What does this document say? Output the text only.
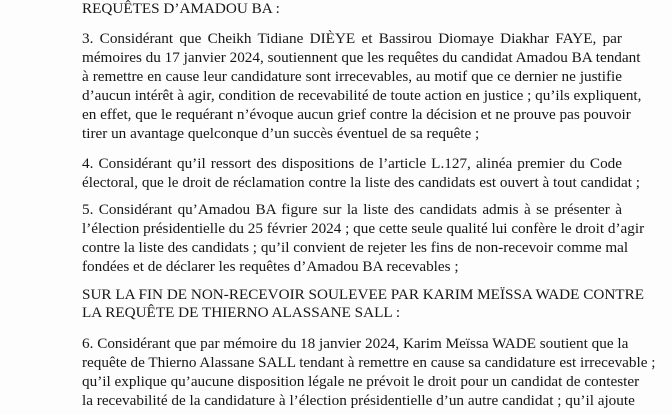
REQUÊTES D’AMADOU BA :
3. Considérant que Cheikh Tidiane DIÈYE et Bassirou Diomaye Diakhar FAYE, par
mémoires du 17 janvier 2024, soutiennent que les requêtes du candidat Amadou BA tendant
à remettre en cause leur candidature sont irrecevables, au motif que ce dernier ne justifie
d’aucun intérêt à agir, condition de recevabilité de toute action en justice ; qu’ils expliquent,
en effet, que le requérant n’évoque aucun grief contre la décision et ne prouve pas pouvoir
tirer un avantage quelconque d’un succès éventuel de sa requête ;
4. Considérant qu’il ressort des dispositions de l’article L.127, alinéa premier du Code
électoral, que le droit de réclamation contre la liste des candidats est ouvert à tout candidat ;
5. Considérant qu’Amadou BA figure sur la liste des candidats admis à se présenter à
l’élection présidentielle du 25 février 2024 ; que cette seule qualité lui confère le droit d’agir
contre la liste des candidats ; qu’il convient de rejeter les fins de non-recevoir comme mal
fondées et de déclarer les requêtes d’Amadou BA recevables ;
SUR LA FIN DE NON-RECEVOIR SOULEVEE PAR KARIM MEÏSSA WADE CONTRE
LA REQUÊTE DE THIERNO ALASSANE SALL :
6. Considérant que par mémoire du 18 janvier 2024, Karim Meïssa WADE soutient que la
requête de Thierno Alassane SALL tendant à remettre en cause sa candidature est irrecevable ;
qu’il explique qu’aucune disposition légale ne prévoit le droit pour un candidat de contester
la recevabilité de la candidature à l’élection présidentielle d’un autre candidat ; qu’il ajoute
